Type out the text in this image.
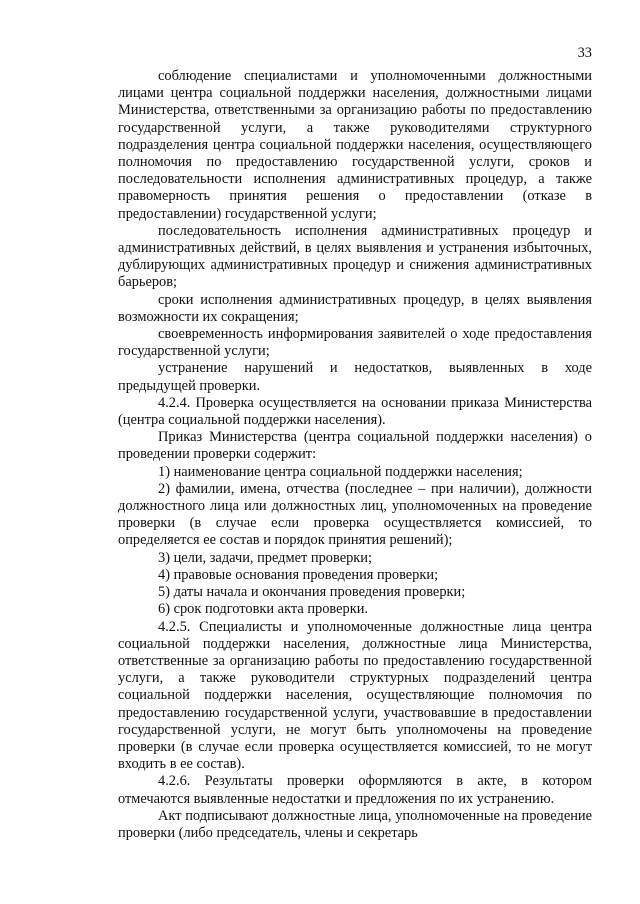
33

соблюдение специалистами и уполномоченными должностными лицами центра социальной поддержки населения, должностными лицами Министерства, ответственными за организацию работы по предоставлению государственной услуги, а также руководителями структурного подразделения центра социальной поддержки населения, осуществляющего полномочия по предоставлению государственной услуги, сроков и последовательности исполнения административных процедур, а также правомерность принятия решения о предоставлении (отказе в предоставлении) государственной услуги;

последовательность исполнения административных процедур и административных действий, в целях выявления и устранения избыточных, дублирующих административных процедур и снижения административных барьеров;

сроки исполнения административных процедур, в целях выявления возможности их сокращения;

своевременность информирования заявителей о ходе предоставления государственной услуги;

устранение нарушений и недостатков, выявленных в ходе предыдущей проверки.

4.2.4. Проверка осуществляется на основании приказа Министерства (центра социальной поддержки населения).

Приказ Министерства (центра социальной поддержки населения) о проведении проверки содержит:

1) наименование центра социальной поддержки населения;

2) фамилии, имена, отчества (последнее – при наличии), должности должностного лица или должностных лиц, уполномоченных на проведение проверки (в случае если проверка осуществляется комиссией, то определяется ее состав и порядок принятия решений);

3) цели, задачи, предмет проверки;

4) правовые основания проведения проверки;

5) даты начала и окончания проведения проверки;

6) срок подготовки акта проверки.

4.2.5. Специалисты и уполномоченные должностные лица центра социальной поддержки населения, должностные лица Министерства, ответственные за организацию работы по предоставлению государственной услуги, а также руководители структурных подразделений центра социальной поддержки населения, осуществляющие полномочия по предоставлению государственной услуги, участвовавшие в предоставлении государственной услуги, не могут быть уполномочены на проведение проверки (в случае если проверка осуществляется комиссией, то не могут входить в ее состав).

4.2.6. Результаты проверки оформляются в акте, в котором отмечаются выявленные недостатки и предложения по их устранению.

Акт подписывают должностные лица, уполномоченные на проведение проверки (либо председатель, члены и секретарь
